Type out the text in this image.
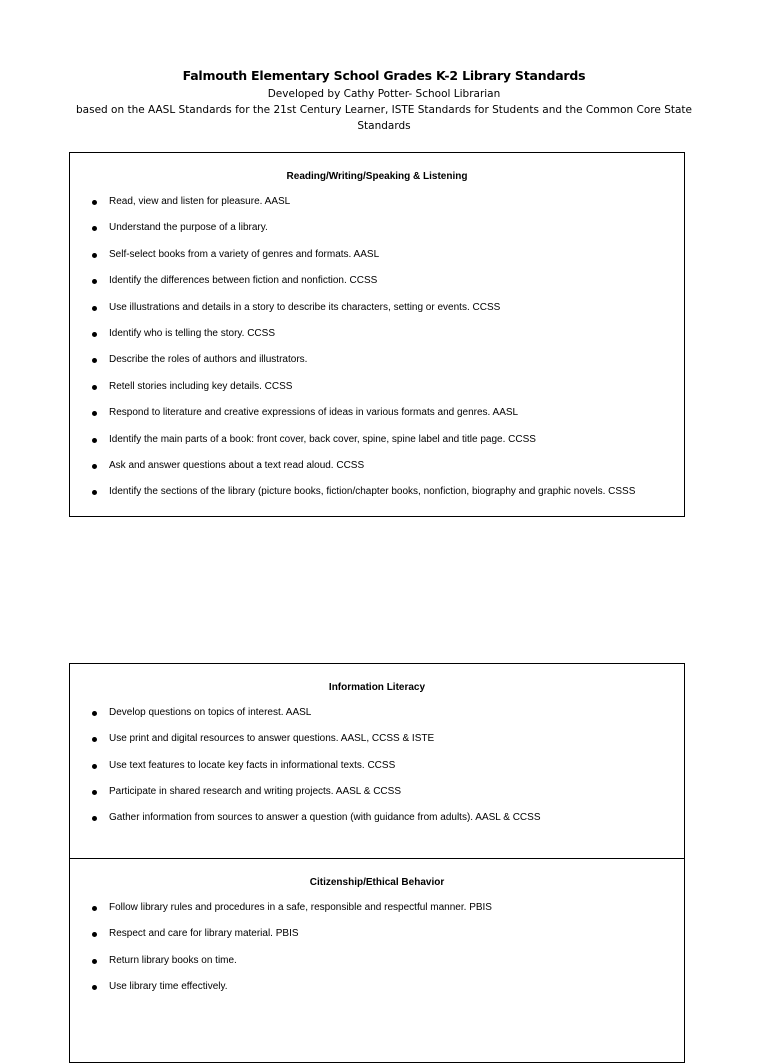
Falmouth Elementary School Grades K-2 Library Standards
Developed by Cathy Potter- School Librarian
based on the AASL Standards for the 21st Century Learner, ISTE Standards for Students and the Common Core State Standards
Reading/Writing/Speaking & Listening
Read, view and listen for pleasure. AASL
Understand the purpose of a library.
Self-select books from a variety of genres and formats. AASL
Identify the differences between fiction and nonfiction. CCSS
Use illustrations and details in a story to describe its characters, setting or events. CCSS
Identify who is telling the story. CCSS
Describe the roles of authors and illustrators.
Retell stories including key details. CCSS
Respond to literature and creative expressions of ideas in various formats and genres. AASL
Identify the main parts of a book: front cover, back cover, spine, spine label and title page. CCSS
Ask and answer questions about a text read aloud. CCSS
Identify the sections of the library (picture books, fiction/chapter books, nonfiction, biography and graphic novels. CSSS
Information Literacy
Develop questions on topics of interest. AASL
Use print and digital resources to answer questions. AASL, CCSS & ISTE
Use text features to locate key facts in informational texts. CCSS
Participate in shared research and writing projects. AASL & CCSS
Gather information from sources to answer a question (with guidance from adults). AASL & CCSS
Citizenship/Ethical Behavior
Follow library rules and procedures in a safe, responsible and respectful manner. PBIS
Respect and care for library material. PBIS
Return library books on time.
Use library time effectively.
